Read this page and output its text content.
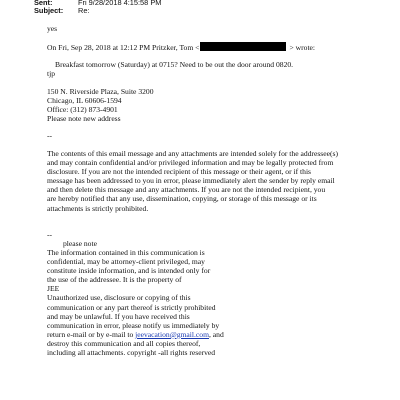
Sent:	Fri 9/28/2018 4:15:58 PM
Subject: Re:
yes
On Fri, Sep 28, 2018 at 12:12 PM Pritzker, Tom <	> wrote:
Breakfast tomorrow (Saturday) at 0715? Need to be out the door around 0820.
tjp
150 N. Riverside Plaza, Suite 3200
Chicago, IL 60606-1594
Office: (312) 873-4901
Please note new address
--
The contents of this email message and any attachments are intended solely for the addressee(s)
and may contain confidential and/or privileged information and may be legally protected from
disclosure. If you are not the intended recipient of this message or their agent, or if this
message has been addressed to you in error, please immediately alert the sender by reply email
and then delete this message and any attachments. If you are not the intended recipient, you
are hereby notified that any use, dissemination, copying, or storage of this message or its
attachments is strictly prohibited.
--
please note
The information contained in this communication is
confidential, may be attorney-client privileged, may
constitute inside information, and is intended only for
the use of the addressee. It is the property of
JEE
Unauthorized use, disclosure or copying of this
communication or any part thereof is strictly prohibited
and may be unlawful. If you have received this
communication in error, please notify us immediately by
return e-mail or by e-mail to jeevacation@gmail.com, and
destroy this communication and all copies thereof,
including all attachments. copyright -all rights reserved
